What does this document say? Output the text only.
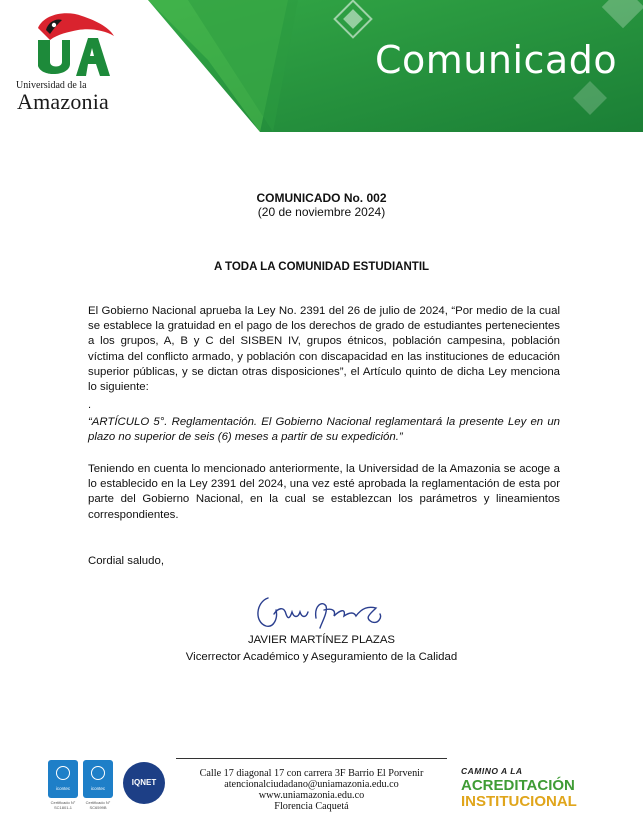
Universidad de la
Amazonia
Comunicado
COMUNICADO No. 002
(20 de noviembre 2024)
A TODA LA COMUNIDAD ESTUDIANTIL
El Gobierno Nacional aprueba la Ley No. 2391 del 26 de julio de 2024, “Por medio de la cual se establece la gratuidad en el pago de los derechos de grado de estudiantes pertenecientes a los grupos, A, B y C del SISBEN IV, grupos étnicos, población campesina, población víctima del conflicto armado, y población con discapacidad en las instituciones de educación superior públicas, y se dictan otras disposiciones”, el Artículo quinto de dicha Ley menciona lo siguiente:
.
“ARTÍCULO 5°. Reglamentación. El Gobierno Nacional reglamentará la presente Ley en un plazo no superior de seis (6) meses a partir de su expedición.”
Teniendo en cuenta lo mencionado anteriormente, la Universidad de la Amazonia se acoge a lo establecido en la Ley 2391 del 2024, una vez esté aprobada la reglamentación de esta por parte del Gobierno Nacional, en la cual se establezcan los parámetros y lineamientos correspondientes.
Cordial saludo,
JAVIER MARTÍNEZ PLAZAS
Vicerrector Académico y Aseguramiento de la Calidad
icontec
Certificado N° SC1801-1
icontec
Certificado N° SC6599B
IQNET
Calle 17 diagonal 17 con carrera 3F Barrio El Porvenir
atencionalciudadano@uniamazonia.edu.co
www.uniamazonia.edu.co
Florencia Caquetá
CAMINO A LA
ACREDITACIÓN
INSTITUCIONAL
